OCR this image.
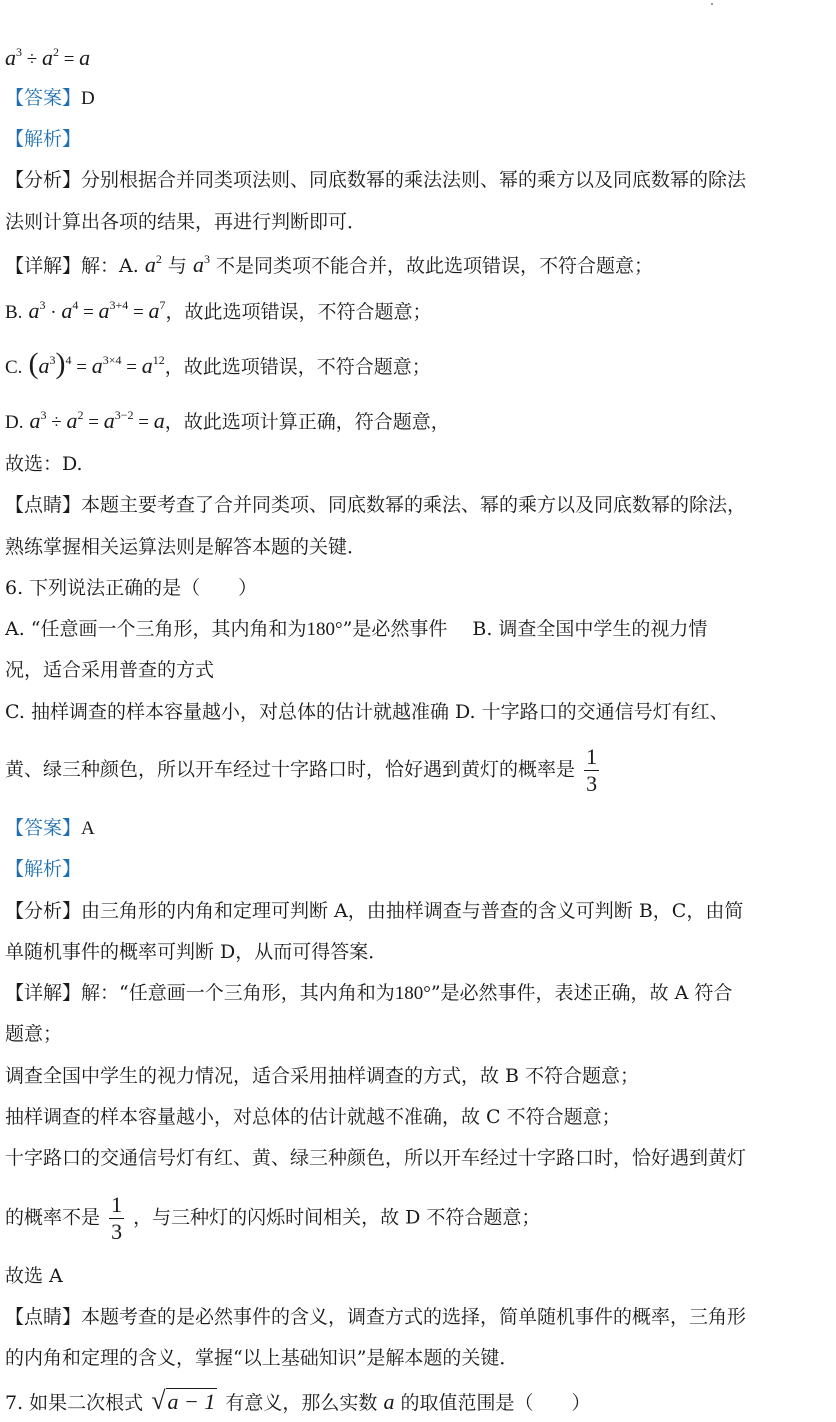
$a^3 \div a^2 = a$
【答案】D
【解析】
【分析】分别根据合并同类项法则、同底数幂的乘法法则、幂的乘方以及同底数幂的除法
法则计算出各项的结果，再进行判断即可．
【详解】解：A. $a^2$ 与 $a^3$ 不是同类项不能合并，故此选项错误，不符合题意；
B. $a^3 \cdot a^4 = a^{3+4} = a^7$，故此选项错误，不符合题意；
C. $(a^3)^4 = a^{3\times 4} = a^{12}$，故此选项错误，不符合题意；
D. $a^3 \div a^2 = a^{3-2} = a$，故此选项计算正确，符合题意，
故选：D.
【点睛】本题主要考查了合并同类项、同底数幂的乘法、幂的乘方以及同底数幂的除法，
熟练掌握相关运算法则是解答本题的关键．
6. 下列说法正确的是（　　）
A. “任意画一个三角形，其内角和为180°”是必然事件　 B. 调查全国中学生的视力情
况，适合采用普查的方式
C. 抽样调查的样本容量越小，对总体的估计就越准确 D. 十字路口的交通信号灯有红、
黄、绿三种颜色，所以开车经过十字路口时，恰好遇到黄灯的概率是 $\frac{1}{3}$
【答案】A
【解析】
【分析】由三角形的内角和定理可判断 A，由抽样调查与普查的含义可判断 B，C，由简
单随机事件的概率可判断 D，从而可得答案．
【详解】解：“任意画一个三角形，其内角和为180°”是必然事件，表述正确，故 A 符合
题意；
调查全国中学生的视力情况，适合采用抽样调查的方式，故 B 不符合题意；
抽样调查的样本容量越小，对总体的估计就越不准确，故 C 不符合题意；
十字路口的交通信号灯有红、黄、绿三种颜色，所以开车经过十字路口时，恰好遇到黄灯
的概率不是 $\frac{1}{3}$ ，与三种灯的闪烁时间相关，故 D 不符合题意；
故选 A
【点睛】本题考查的是必然事件的含义，调查方式的选择，简单随机事件的概率，三角形
的内角和定理的含义，掌握“以上基础知识”是解本题的关键．
7. 如果二次根式 √a − 1 有意义，那么实数 a 的取值范围是（　　）
